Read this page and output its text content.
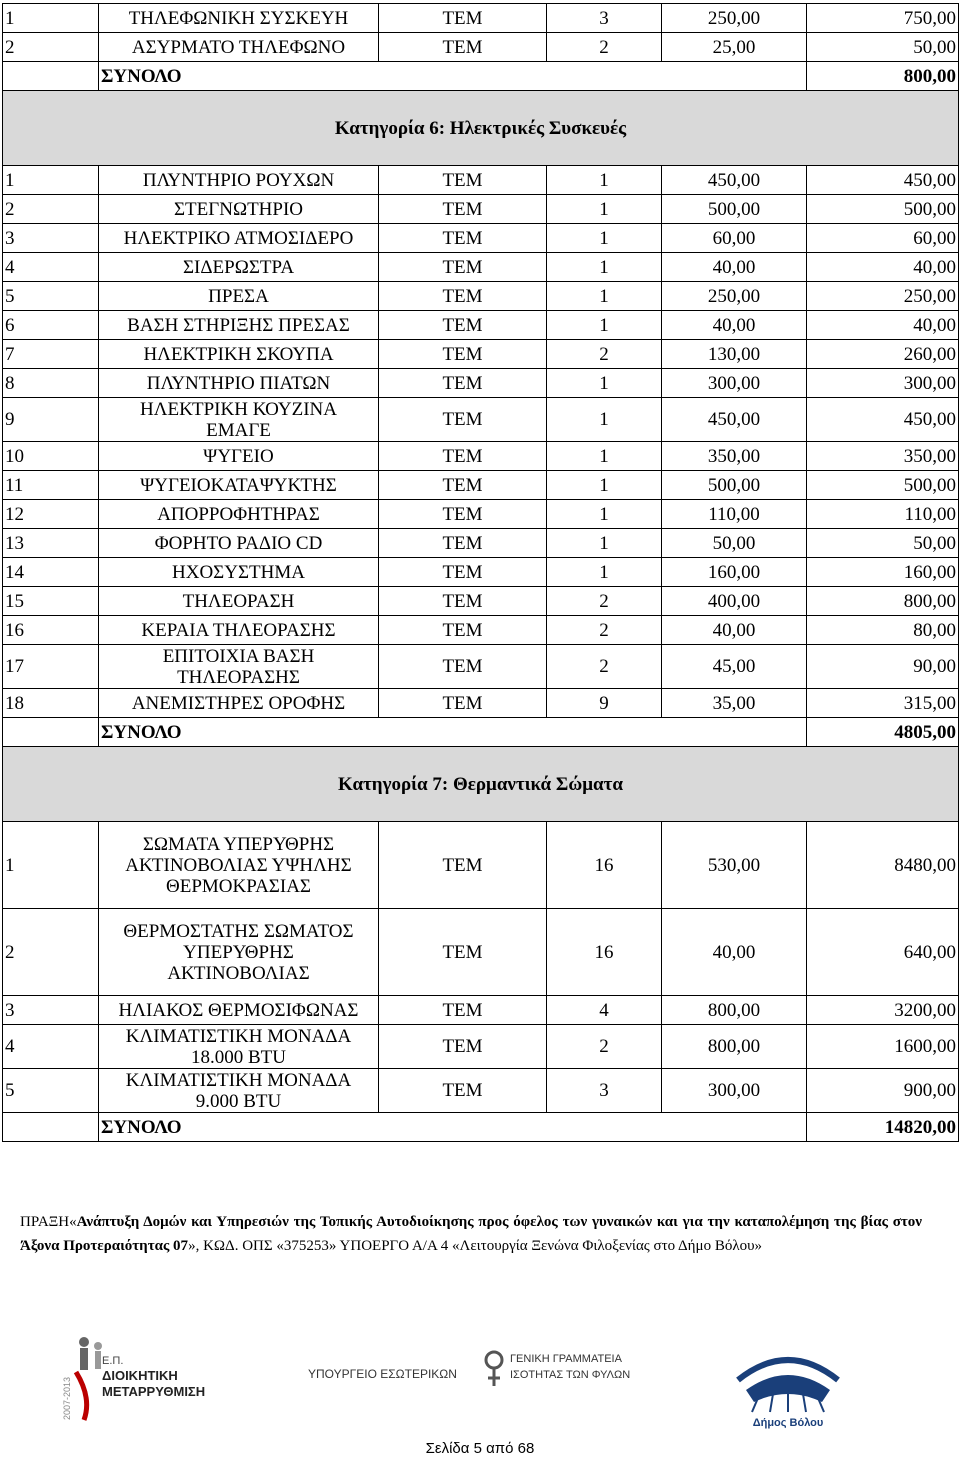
1	ΤΗΛΕΦΩΝΙΚΗ ΣΥΣΚΕΥΗ	ΤΕΜ	3	250,00	750,00
2	ΑΣΥΡΜΑΤΟ ΤΗΛΕΦΩΝΟ	ΤΕΜ	2	25,00	50,00
	ΣΥΝΟΛΟ				800,00
Κατηγορία 6: Ηλεκτρικές Συσκευές					
1	ΠΛΥΝΤΗΡΙΟ ΡΟΥΧΩΝ	ΤΕΜ	1	450,00	450,00
2	ΣΤΕΓΝΩΤΗΡΙΟ	ΤΕΜ	1	500,00	500,00
3	ΗΛΕΚΤΡΙΚΟ ΑΤΜΟΣΙΔΕΡΟ	ΤΕΜ	1	60,00	60,00
4	ΣΙΔΕΡΩΣΤΡΑ	ΤΕΜ	1	40,00	40,00
5	ΠΡΕΣΑ	ΤΕΜ	1	250,00	250,00
6	ΒΑΣΗ ΣΤΗΡΙΞΗΣ ΠΡΕΣΑΣ	ΤΕΜ	1	40,00	40,00
7	ΗΛΕΚΤΡΙΚΗ ΣΚΟΥΠΑ	ΤΕΜ	2	130,00	260,00
8	ΠΛΥΝΤΗΡΙΟ ΠΙΑΤΩΝ	ΤΕΜ	1	300,00	300,00
9	ΗΛΕΚΤΡΙΚΗ ΚΟΥΖΙΝΑ
ΕΜΑΓΕ	ΤΕΜ	1	450,00	450,00
10	ΨΥΓΕΙΟ	ΤΕΜ	1	350,00	350,00
11	ΨΥΓΕΙΟΚΑΤΑΨΥΚΤΗΣ	ΤΕΜ	1	500,00	500,00
12	ΑΠΟΡΡΟΦΗΤΗΡΑΣ	ΤΕΜ	1	110,00	110,00
13	ΦΟΡΗΤΟ ΡΑΔΙΟ CD	ΤΕΜ	1	50,00	50,00
14	ΗΧΟΣΥΣΤΗΜΑ	ΤΕΜ	1	160,00	160,00
15	ΤΗΛΕΟΡΑΣΗ	ΤΕΜ	2	400,00	800,00
16	ΚΕΡΑΙΑ ΤΗΛΕΟΡΑΣΗΣ	ΤΕΜ	2	40,00	80,00
17	ΕΠΙΤΟΙΧΙΑ ΒΑΣΗ
ΤΗΛΕΟΡΑΣΗΣ	ΤΕΜ	2	45,00	90,00
18	ΑΝΕΜΙΣΤΗΡΕΣ ΟΡΟΦΗΣ	ΤΕΜ	9	35,00	315,00
	ΣΥΝΟΛΟ				4805,00
Κατηγορία 7: Θερμαντικά Σώματα					
1	ΣΩΜΑΤΑ ΥΠΕΡΥΘΡΗΣ
ΑΚΤΙΝΟΒΟΛΙΑΣ ΥΨΗΛΗΣ
ΘΕΡΜΟΚΡΑΣΙΑΣ	ΤΕΜ	16	530,00	8480,00
2	ΘΕΡΜΟΣΤΑΤΗΣ ΣΩΜΑΤΟΣ
ΥΠΕΡΥΘΡΗΣ
ΑΚΤΙΝΟΒΟΛΙΑΣ	ΤΕΜ	16	40,00	640,00
3	ΗΛΙΑΚΟΣ ΘΕΡΜΟΣΙΦΩΝΑΣ	ΤΕΜ	4	800,00	3200,00
4	ΚΛΙΜΑΤΙΣΤΙΚΗ ΜΟΝΑΔΑ
18.000 BTU	ΤΕΜ	2	800,00	1600,00
5	ΚΛΙΜΑΤΙΣΤΙΚΗ ΜΟΝΑΔΑ
9.000 BTU	ΤΕΜ	3	300,00	900,00
	ΣΥΝΟΛΟ				14820,00
ΠΡΑΞΗ«Ανάπτυξη Δομών και Υπηρεσιών της Τοπικής Αυτοδιοίκησης προς όφελος των γυναικών και για την καταπολέμηση της βίας στον Άξονα Προτεραιότητας 07», ΚΩΔ. ΟΠΣ «375253» ΥΠΟΕΡΓΟ Α/Α 4 «Λειτουργία Ξενώνα Φιλοξενίας στο Δήμο Βόλου»
2007-2013
Ε.Π.
ΔΙΟΙΚΗΤΙΚΗ
ΜΕΤΑΡΡΥΘΜΙΣΗ
ΥΠΟΥΡΓΕΙΟ ΕΣΩΤΕΡΙΚΩΝ
ΓΕΝΙΚΗ ΓΡΑΜΜΑΤΕΙΑ
ΙΣΟΤΗΤΑΣ ΤΩΝ ΦΥΛΩΝ
Δήμος Βόλου
Σελίδα 5 από 68
